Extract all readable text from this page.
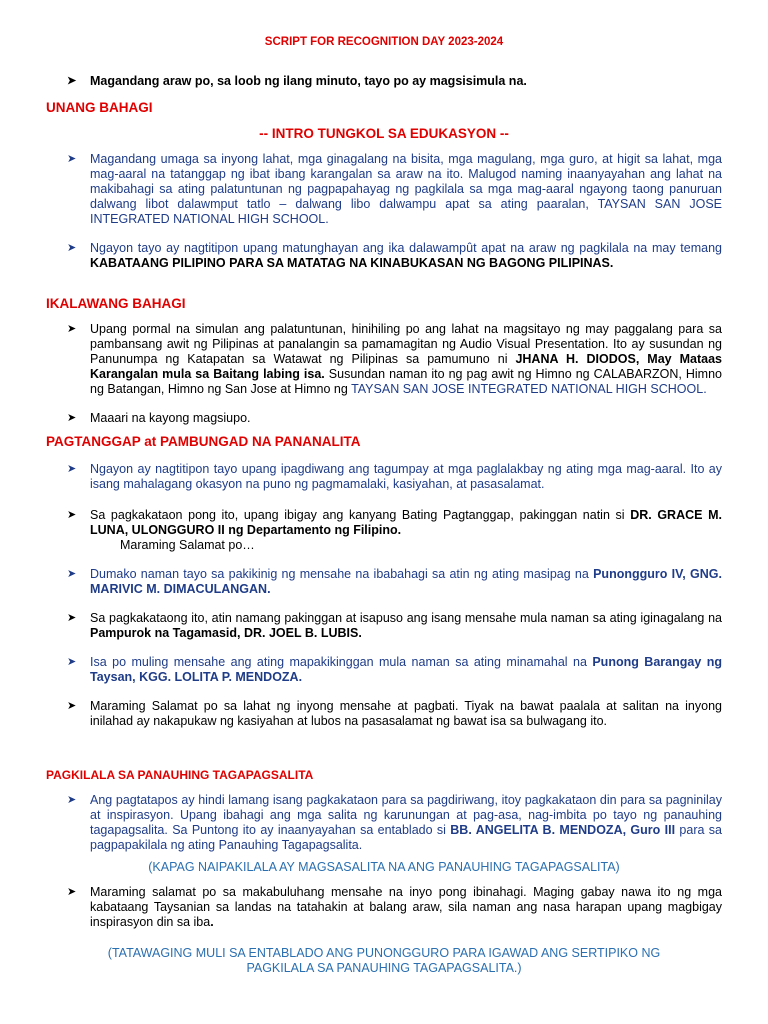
SCRIPT FOR RECOGNITION DAY 2023-2024
➤ Magandang araw po, sa loob ng ilang minuto, tayo po ay magsisimula na.
UNANG BAHAGI
-- INTRO TUNGKOL SA EDUKASYON --
➤ Magandang umaga sa inyong lahat, mga ginagalang na bisita, mga magulang, mga guro, at higit sa lahat, mga mag-aaral na tatanggap ng ibat ibang karangalan sa araw na ito. Malugod naming inaanyayahan ang lahat na makibahagi sa ating palatuntunan ng pagpapahayag ng pagkilala sa mga mag-aaral ngayong taong panuruan dalwang libot dalawmput tatlo – dalwang libo dalwampu apat sa ating paaralan, TAYSAN SAN JOSE INTEGRATED NATIONAL HIGH SCHOOL.
➤ Ngayon tayo ay nagtitipon upang matunghayan ang ika dalawampût apat na araw ng pagkilala na may temang KABATAANG PILIPINO PARA SA MATATAG NA KINABUKASAN NG BAGONG PILIPINAS.
IKALAWANG BAHAGI
➤ Upang pormal na simulan ang palatuntunan, hinihiling po ang lahat na magsitayo ng may paggalang para sa pambansang awit ng Pilipinas at panalangin sa pamamagitan ng Audio Visual Presentation. Ito ay susundan ng Panunumpa ng Katapatan sa Watawat ng Pilipinas sa pamumuno ni JHANA H. DIODOS, May Mataas Karangalan mula sa Baitang labing isa. Susundan naman ito ng pag awit ng Himno ng CALABARZON, Himno ng Batangan, Himno ng San Jose at Himno ng TAYSAN SAN JOSE INTEGRATED NATIONAL HIGH SCHOOL.
➤ Maaari na kayong magsiupo.
PAGTANGGAP at PAMBUNGAD NA PANANALITA
➤ Ngayon ay nagtitipon tayo upang ipagdiwang ang tagumpay at mga paglalakbay ng ating mga mag-aaral. Ito ay isang mahalagang okasyon na puno ng pagmamalaki, kasiyahan, at pasasalamat.
➤ Sa pagkakataon pong ito, upang ibigay ang kanyang Bating Pagtanggap, pakinggan natin si DR. GRACE M. LUNA, ULONGGURO II ng Departamento ng Filipino.
Maraming Salamat po…
➤ Dumako naman tayo sa pakikinig ng mensahe na ibabahagi sa atin ng ating masipag na Punongguro IV, GNG. MARIVIC M. DIMACULANGAN.
➤ Sa pagkakataong ito, atin namang pakinggan at isapuso ang isang mensahe mula naman sa ating iginagalang na Pampurok na Tagamasid, DR. JOEL B. LUBIS.
➤ Isa po muling mensahe ang ating mapakikinggan mula naman sa ating minamahal na Punong Barangay ng Taysan, KGG. LOLITA P. MENDOZA.
➤ Maraming Salamat po sa lahat ng inyong mensahe at pagbati. Tiyak na bawat paalala at salitan na inyong inilahad ay nakapukaw ng kasiyahan at lubos na pasasalamat ng bawat isa sa bulwagang ito.
PAGKILALA SA PANAUHING TAGAPAGSALITA
➤ Ang pagtatapos ay hindi lamang isang pagkakataon para sa pagdiriwang, itoy pagkakataon din para sa pagninilay at inspirasyon. Upang ibahagi ang mga salita ng karunungan at pag-asa, nag-imbita po tayo ng panauhing tagapagsalita. Sa Puntong ito ay inaanyayahan sa entablado si BB. ANGELITA B. MENDOZA, Guro III para sa pagpapakilala ng ating Panauhing Tagapagsalita.
(KAPAG NAIPAKILALA AY MAGSASALITA NA ANG PANAUHING TAGAPAGSALITA)
➤ Maraming salamat po sa makabuluhang mensahe na inyo pong ibinahagi. Maging gabay nawa ito ng mga kabataang Taysanian sa landas na tatahakin at balang araw, sila naman ang nasa harapan upang magbigay inspirasyon din sa iba.
(TATAWAGING MULI SA ENTABLADO ANG PUNONGGURO PARA IGAWAD ANG SERTIPIKO NG
PAGKILALA SA PANAUHING TAGAPAGSALITA.)
